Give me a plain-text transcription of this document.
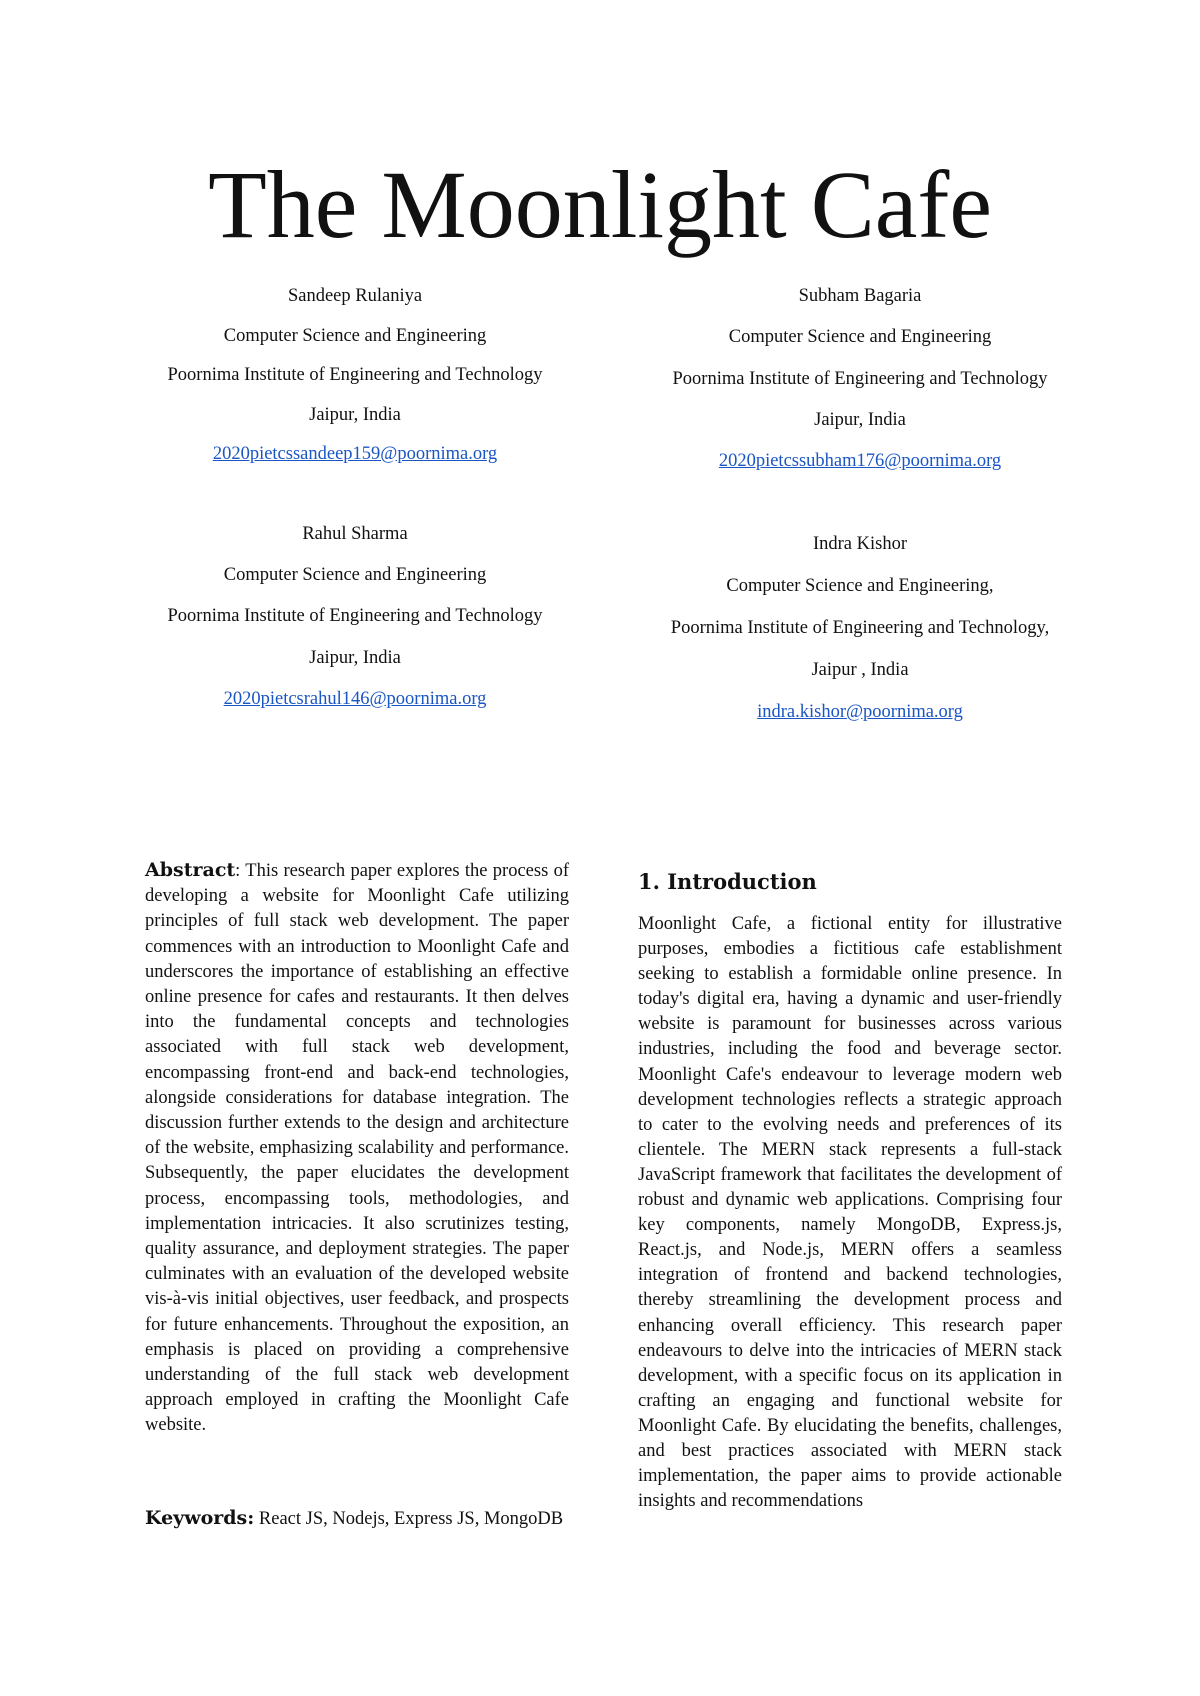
The Moonlight Cafe
Sandeep Rulaniya
Computer Science and Engineering
Poornima Institute of Engineering and Technology
Jaipur, India
2020pietcssandeep159@poornima.org
Subham Bagaria
Computer Science and Engineering
Poornima Institute of Engineering and Technology
Jaipur, India
2020pietcssubham176@poornima.org
Rahul Sharma
Computer Science and Engineering
Poornima Institute of Engineering and Technology
Jaipur, India
2020pietcsrahul146@poornima.org
Indra Kishor
Computer Science and Engineering,
Poornima Institute of Engineering and Technology,
Jaipur , India
indra.kishor@poornima.org
Abstract: This research paper explores the process of developing a website for Moonlight Cafe utilizing principles of full stack web development. The paper commences with an introduction to Moonlight Cafe and underscores the importance of establishing an effective online presence for cafes and restaurants. It then delves into the fundamental concepts and technologies associated with full stack web development, encompassing front-end and back-end technologies, alongside considerations for database integration. The discussion further extends to the design and architecture of the website, emphasizing scalability and performance. Subsequently, the paper elucidates the development process, encompassing tools, methodologies, and implementation intricacies. It also scrutinizes testing, quality assurance, and deployment strategies. The paper culminates with an evaluation of the developed website vis-à-vis initial objectives, user feedback, and prospects for future enhancements. Throughout the exposition, an emphasis is placed on providing a comprehensive understanding of the full stack web development approach employed in crafting the Moonlight Cafe website.
Keywords: React JS, Nodejs, Express JS, MongoDB
1. Introduction
Moonlight Cafe, a fictional entity for illustrative purposes, embodies a fictitious cafe establishment seeking to establish a formidable online presence. In today's digital era, having a dynamic and user-friendly website is paramount for businesses across various industries, including the food and beverage sector. Moonlight Cafe's endeavour to leverage modern web development technologies reflects a strategic approach to cater to the evolving needs and preferences of its clientele. The MERN stack represents a full-stack JavaScript framework that facilitates the development of robust and dynamic web applications. Comprising four key components, namely MongoDB, Express.js, React.js, and Node.js, MERN offers a seamless integration of frontend and backend technologies, thereby streamlining the development process and enhancing overall efficiency. This research paper endeavours to delve into the intricacies of MERN stack development, with a specific focus on its application in crafting an engaging and functional website for Moonlight Cafe. By elucidating the benefits, challenges, and best practices associated with MERN stack implementation, the paper aims to provide actionable insights and recommendations
